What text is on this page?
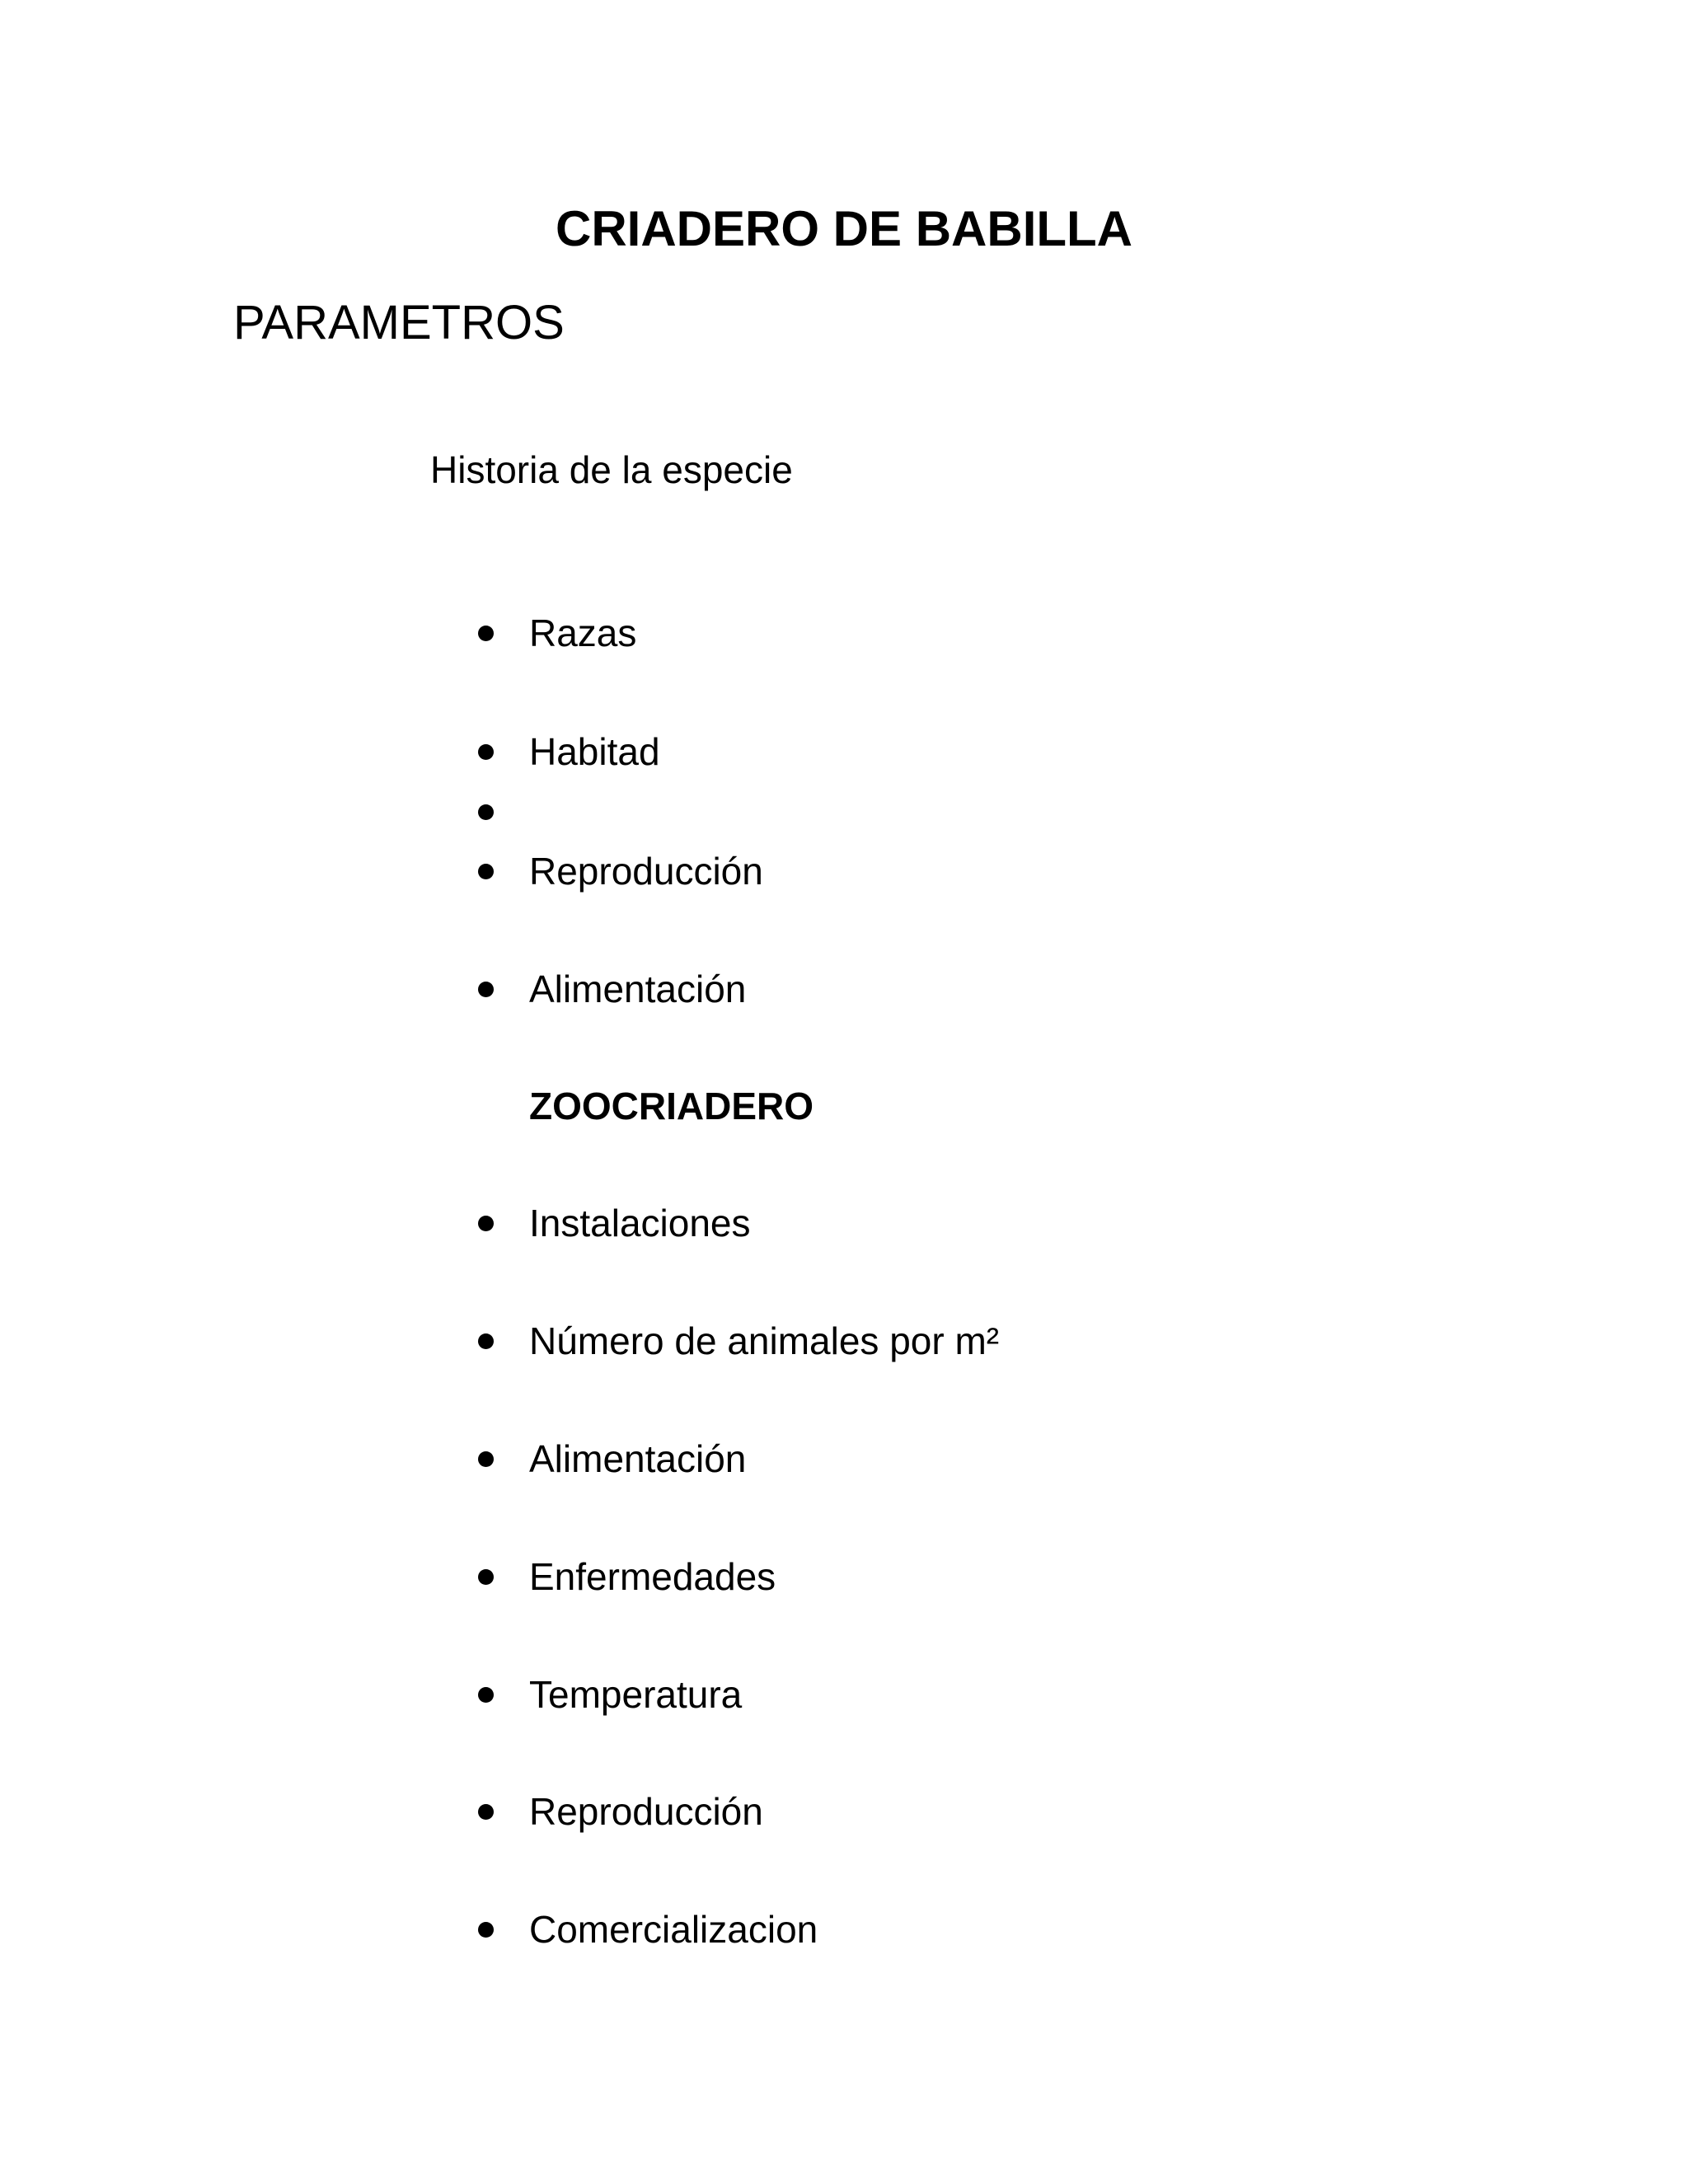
CRIADERO DE BABILLA
PARAMETROS

Historia de la especie

Razas
Habitad
Reproducción
Alimentación

ZOOCRIADERO

Instalaciones
Número de animales por m²
Alimentación
Enfermedades
Temperatura
Reproducción
Comercializacion
